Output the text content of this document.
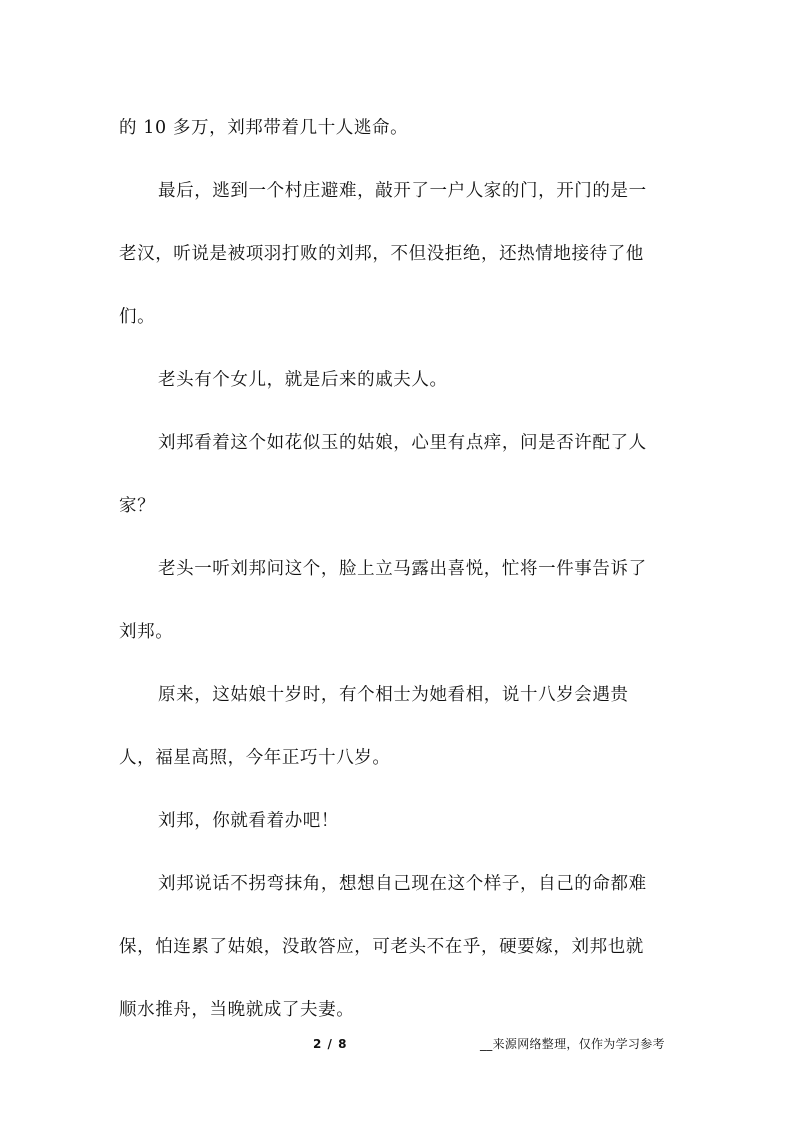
的 10 多万，刘邦带着几十人逃命。
最后，逃到一个村庄避难，敲开了一户人家的门，开门的是一
老汉，听说是被项羽打败的刘邦，不但没拒绝，还热情地接待了他
们。
老头有个女儿，就是后来的戚夫人。
刘邦看着这个如花似玉的姑娘，心里有点痒，问是否许配了人
家？
老头一听刘邦问这个，脸上立马露出喜悦，忙将一件事告诉了
刘邦。
原来，这姑娘十岁时，有个相士为她看相，说十八岁会遇贵
人，福星高照，今年正巧十八岁。
刘邦，你就看着办吧！
刘邦说话不拐弯抹角，想想自己现在这个样子，自己的命都难
保，怕连累了姑娘，没敢答应，可老头不在乎，硬要嫁，刘邦也就
顺水推舟，当晚就成了夫妻。
2 / 8	__来源网络整理，仅作为学习参考
